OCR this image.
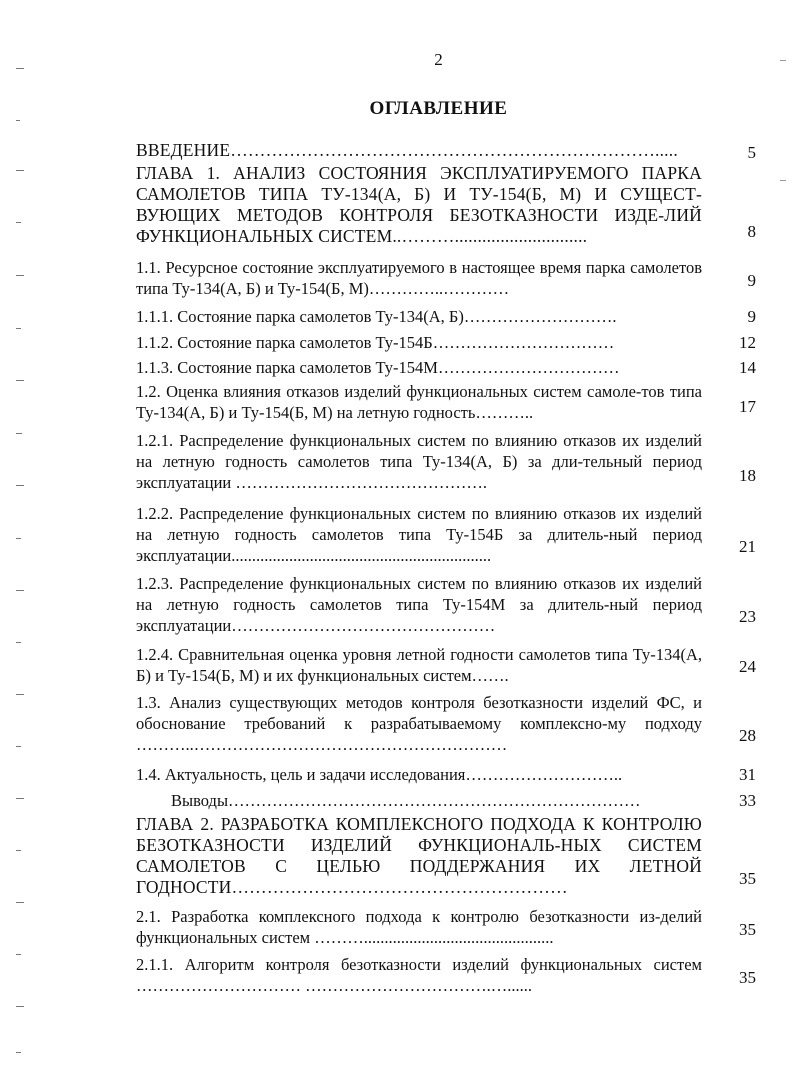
2
ОГЛАВЛЕНИЕ
ВВЕДЕНИЕ……………………………………………………………….....	5
ГЛАВА 1. АНАЛИЗ СОСТОЯНИЯ ЭКСПЛУАТИРУЕМОГО ПАРКА САМОЛЕТОВ ТИПА ТУ-134(А, Б) И ТУ-154(Б, М) И СУЩЕСТ-ВУЮЩИХ МЕТОДОВ КОНТРОЛЯ БЕЗОТКАЗНОСТИ ИЗДЕ-ЛИЙ ФУНКЦИОНАЛЬНЫХ СИСТЕМ..……….............................	8
1.1. Ресурсное состояние эксплуатируемого в настоящее время парка самолетов типа Ту-134(А, Б) и Ту-154(Б, М)…………..…………	9
1.1.1. Состояние парка самолетов Ту-134(А, Б)……………………….	9
1.1.2. Состояние парка самолетов Ту-154Б……………………………	12
1.1.3. Состояние парка самолетов Ту-154М……………………………	14
1.2. Оценка влияния отказов изделий функциональных систем самоле-тов типа Ту-134(А, Б) и Ту-154(Б, М) на летную годность………..	17
1.2.1. Распределение функциональных систем по влиянию отказов их изделий на летную годность самолетов типа Ту-134(А, Б) за дли-тельный период эксплуатации ……………………………………….	18
1.2.2. Распределение функциональных систем по влиянию отказов их изделий на летную годность самолетов типа Ту-154Б за длитель-ный период эксплуатации...............................................................	21
1.2.3. Распределение функциональных систем по влиянию отказов их изделий на летную годность самолетов типа Ту-154М за длитель-ный период эксплуатации…………………………………………	23
1.2.4. Сравнительная оценка уровня летной годности самолетов типа Ту-134(А, Б) и Ту-154(Б, М) и их функциональных систем…….	24
1.3. Анализ существующих методов контроля безотказности изделий ФС, и обоснование требований к разрабатываемому комплексно-му подходу ………..…………………………………………………	28
1.4. Актуальность, цель и задачи исследования………………………..	31
Выводы…………………………………………………………………	33
ГЛАВА 2. РАЗРАБОТКА КОМПЛЕКСНОГО ПОДХОДА К КОНТРОЛЮ БЕЗОТКАЗНОСТИ ИЗДЕЛИЙ ФУНКЦИОНАЛЬ-НЫХ СИСТЕМ САМОЛЕТОВ С ЦЕЛЬЮ ПОДДЕРЖАНИЯ ИХ ЛЕТНОЙ ГОДНОСТИ…………………………………………………	35
2.1. Разработка комплексного подхода к контролю безотказности из-делий функциональных систем ………..............................................	35
2.1.1. Алгоритм контроля безотказности изделий функциональных систем ………………………… …………………………….…......	35
